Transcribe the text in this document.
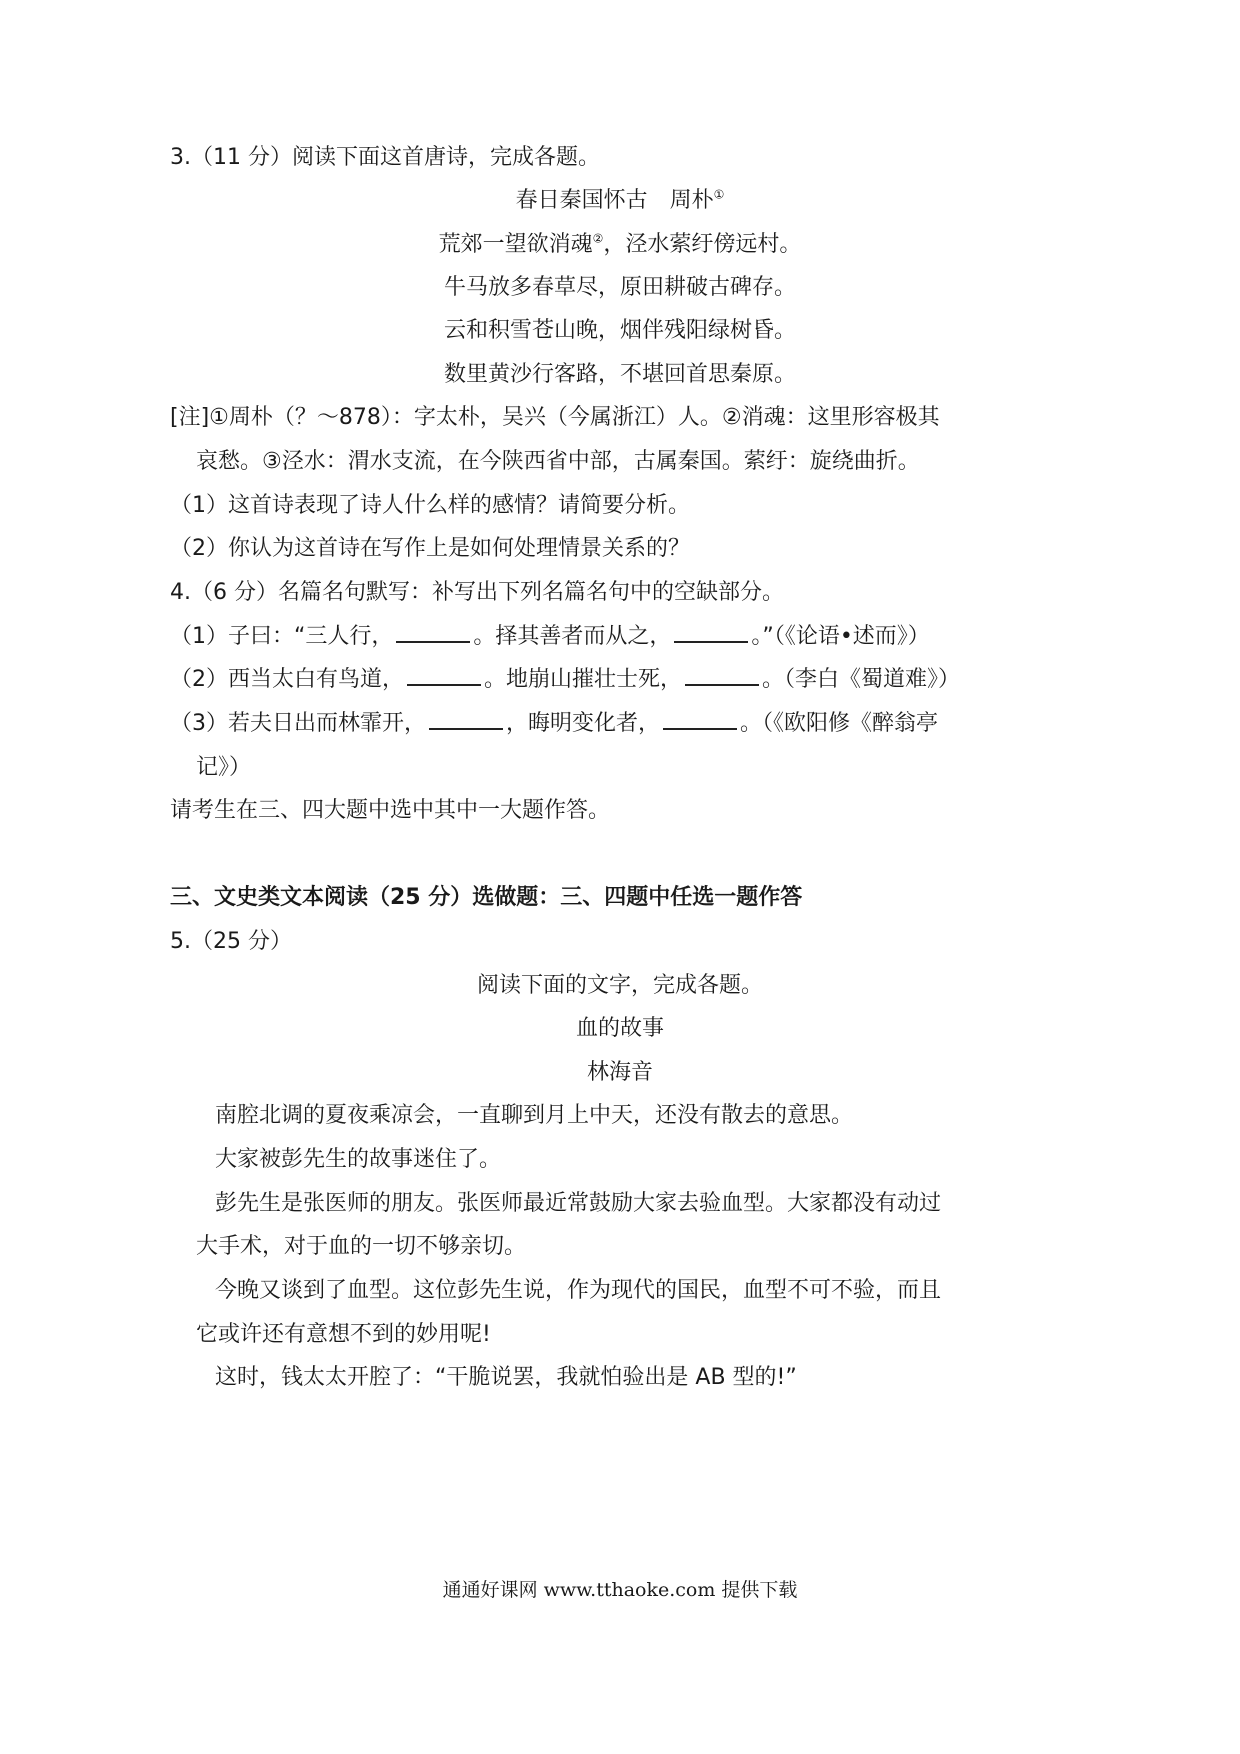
3.（11 分）阅读下面这首唐诗，完成各题。
春日秦国怀古　周朴①
荒郊一望欲消魂②，泾水萦纡傍远村。
牛马放多春草尽，原田耕破古碑存。
云和积雪苍山晚，烟伴残阳绿树昏。
数里黄沙行客路，不堪回首思秦原。
[注]①周朴（？～878）：字太朴，吴兴（今属浙江）人。②消魂：这里形容极其
哀愁。③泾水：渭水支流，在今陕西省中部，古属秦国。萦纡：旋绕曲折。
（1）这首诗表现了诗人什么样的感情？请简要分析。
（2）你认为这首诗在写作上是如何处理情景关系的？
4.（6 分）名篇名句默写：补写出下列名篇名句中的空缺部分。
（1）子曰：“三人行，	。择其善者而从之，	。”（《论语•述而》）
（2）西当太白有鸟道，	。地崩山摧壮士死，	。（李白《蜀道难》）
（3）若夫日出而林霏开，	，晦明变化者，	。（《欧阳修《醉翁亭
记》）
请考生在三、四大题中选中其中一大题作答。
三、文史类文本阅读（25 分）选做题：三、四题中任选一题作答
5.（25 分）
阅读下面的文字，完成各题。
血的故事
林海音
南腔北调的夏夜乘凉会，一直聊到月上中天，还没有散去的意思。
大家被彭先生的故事迷住了。
彭先生是张医师的朋友。张医师最近常鼓励大家去验血型。大家都没有动过
大手术，对于血的一切不够亲切。
今晚又谈到了血型。这位彭先生说，作为现代的国民，血型不可不验，而且
它或许还有意想不到的妙用呢!
这时，钱太太开腔了：“干脆说罢，我就怕验出是 AB 型的!”
通通好课网 www.tthaoke.com 提供下载
